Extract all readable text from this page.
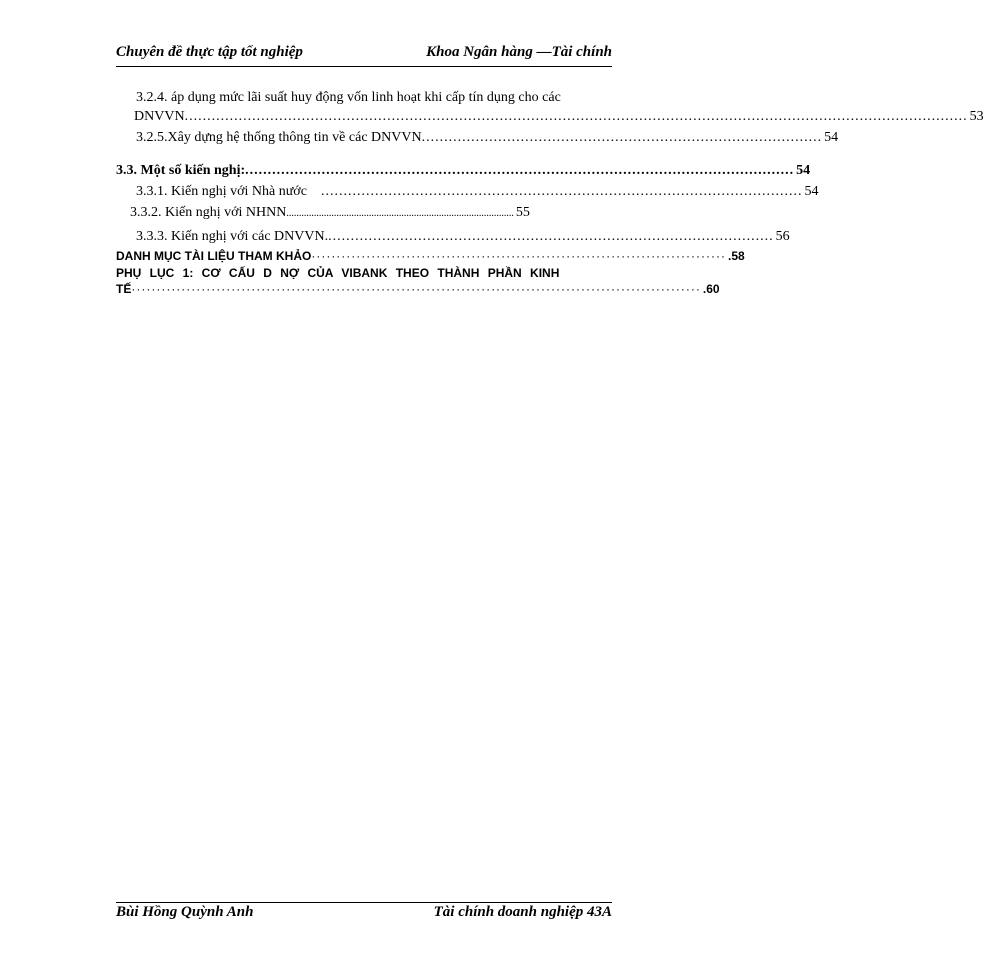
Chuyên đề thực tập tốt nghiệp	Khoa Ngân hàng —Tài chính
3.2.4. áp dụng mức lãi suất huy động vốn linh hoạt khi cấp tín dụng cho các
DNVVN .............................................................................................................................................................................. 53
3.2.5.Xây dựng hệ thống thông tin về các DNVVN ......................................................................................... 54
3.3. Một số kiến nghị: .......................................................................................................................... 54
3.3.1. Kiến nghị với Nhà nước ........................................................................................................... 54
3.3.2. Kiến nghị với NHNN ........................................................................................... 55
3.3.3. Kiến nghị với các DNVVN. ................................................................................................... 56
DANH MỤC TÀI LIỆU THAM KHẢO ··················································································· .58
PHỤ LỤC 1: CƠ CẤU D NỢ CỦA VIBANK THEO THÀNH PHẦN KINH
TẾ ·················································································································· .60
Bùi Hồng Quỳnh Anh	Tài chính doanh nghiệp 43A
